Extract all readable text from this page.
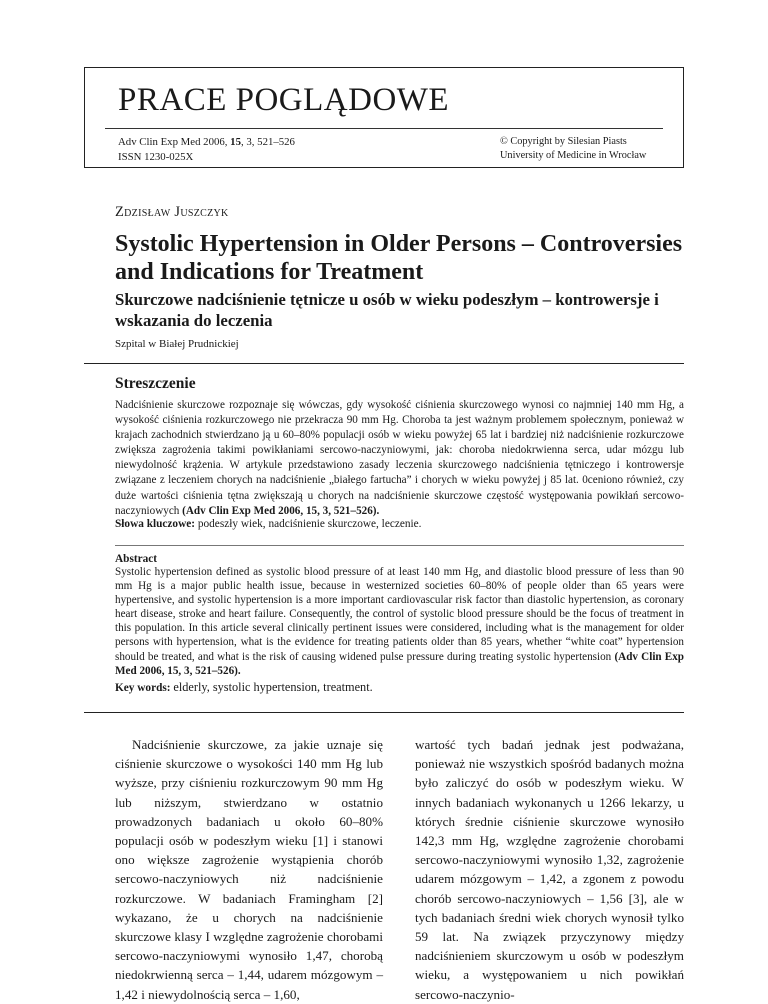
PRACE POGLĄDOWE
Adv Clin Exp Med 2006, 15, 3, 521–526
ISSN 1230-025X
© Copyright by Silesian Piasts
University of Medicine in Wrocław
Zdzisław Juszczyk
Systolic Hypertension in Older Persons – Controversies and Indications for Treatment
Skurczowe nadciśnienie tętnicze u osób w wieku podeszłym – kontrowersje i wskazania do leczenia
Szpital w Białej Prudnickiej
Streszczenie
Nadciśnienie skurczowe rozpoznaje się wówczas, gdy wysokość ciśnienia skurczowego wynosi co najmniej 140 mm Hg, a wysokość ciśnienia rozkurczowego nie przekracza 90 mm Hg. Choroba ta jest ważnym problemem społecznym, ponieważ w krajach zachodnich stwierdzano ją u 60–80% populacji osób w wieku powyżej 65 lat i bardziej niż nadciśnienie rozkurczowe zwiększa zagrożenia takimi powikłaniami sercowo-naczyniowymi, jak: choroba niedokrwienna serca, udar mózgu lub niewydolność krążenia. W artykule przedstawiono zasady leczenia skurczowego nadciśnienia tętniczego i kontrowersje związane z leczeniem chorych na nadciśnienie „białego fartucha” i chorych w wieku powyżej j 85 lat. 0ceniono również, czy duże wartości ciśnienia tętna zwiększają u chorych na nadciśnienie skurczowe częstość występowania powikłań sercowo-naczyniowych (Adv Clin Exp Med 2006, 15, 3, 521–526).
Słowa kluczowe: podeszły wiek, nadciśnienie skurczowe, leczenie.
Abstract
Systolic hypertension defined as systolic blood pressure of at least 140 mm Hg, and diastolic blood pressure of less than 90 mm Hg is a major public health issue, because in westernized societies 60–80% of people older than 65 years were hypertensive, and systolic hypertension is a more important cardiovascular risk factor than diastolic hypertension, as coronary heart disease, stroke and heart failure. Consequently, the control of systolic blood pressure should be the focus of treatment in this population. In this article several clinically pertinent issues were considered, including what is the management for older persons with hypertension, what is the evidence for treating patients older than 85 years, whether “white coat” hypertension should be treated, and what is the risk of causing widened pulse pressure during treating systolic hypertension (Adv Clin Exp Med 2006, 15, 3, 521–526).
Key words: elderly, systolic hypertension, treatment.
Nadciśnienie skurczowe, za jakie uznaje się ciśnienie skurczowe o wysokości 140 mm Hg lub wyższe, przy ciśnieniu rozkurczowym 90 mm Hg lub niższym, stwierdzano w ostatnio prowadzonych badaniach u około 60–80% populacji osób w podeszłym wieku [1] i stanowi ono większe zagrożenie wystąpienia chorób sercowo-naczyniowych niż nadciśnienie rozkurczowe. W badaniach Framingham [2] wykazano, że u chorych na nadciśnienie skurczowe klasy I względne zagrożenie chorobami sercowo-naczyniowymi wynosiło 1,47, chorobą niedokrwienną serca – 1,44, udarem mózgowym – 1,42 i niewydolnością serca – 1,60,
wartość tych badań jednak jest podważana, ponieważ nie wszystkich spośród badanych można było zaliczyć do osób w podeszłym wieku. W innych badaniach wykonanych u 1266 lekarzy, u których średnie ciśnienie skurczowe wynosiło 142,3 mm Hg, względne zagrożenie chorobami sercowo-naczyniowymi wynosiło 1,32, zagrożenie udarem mózgowym – 1,42, a zgonem z powodu chorób sercowo-naczyniowych – 1,56 [3], ale w tych badaniach średni wiek chorych wynosił tylko 59 lat. Na związek przyczynowy między nadciśnieniem skurczowym u osób w podeszłym wieku, a występowaniem u nich powikłań sercowo-naczynio-
